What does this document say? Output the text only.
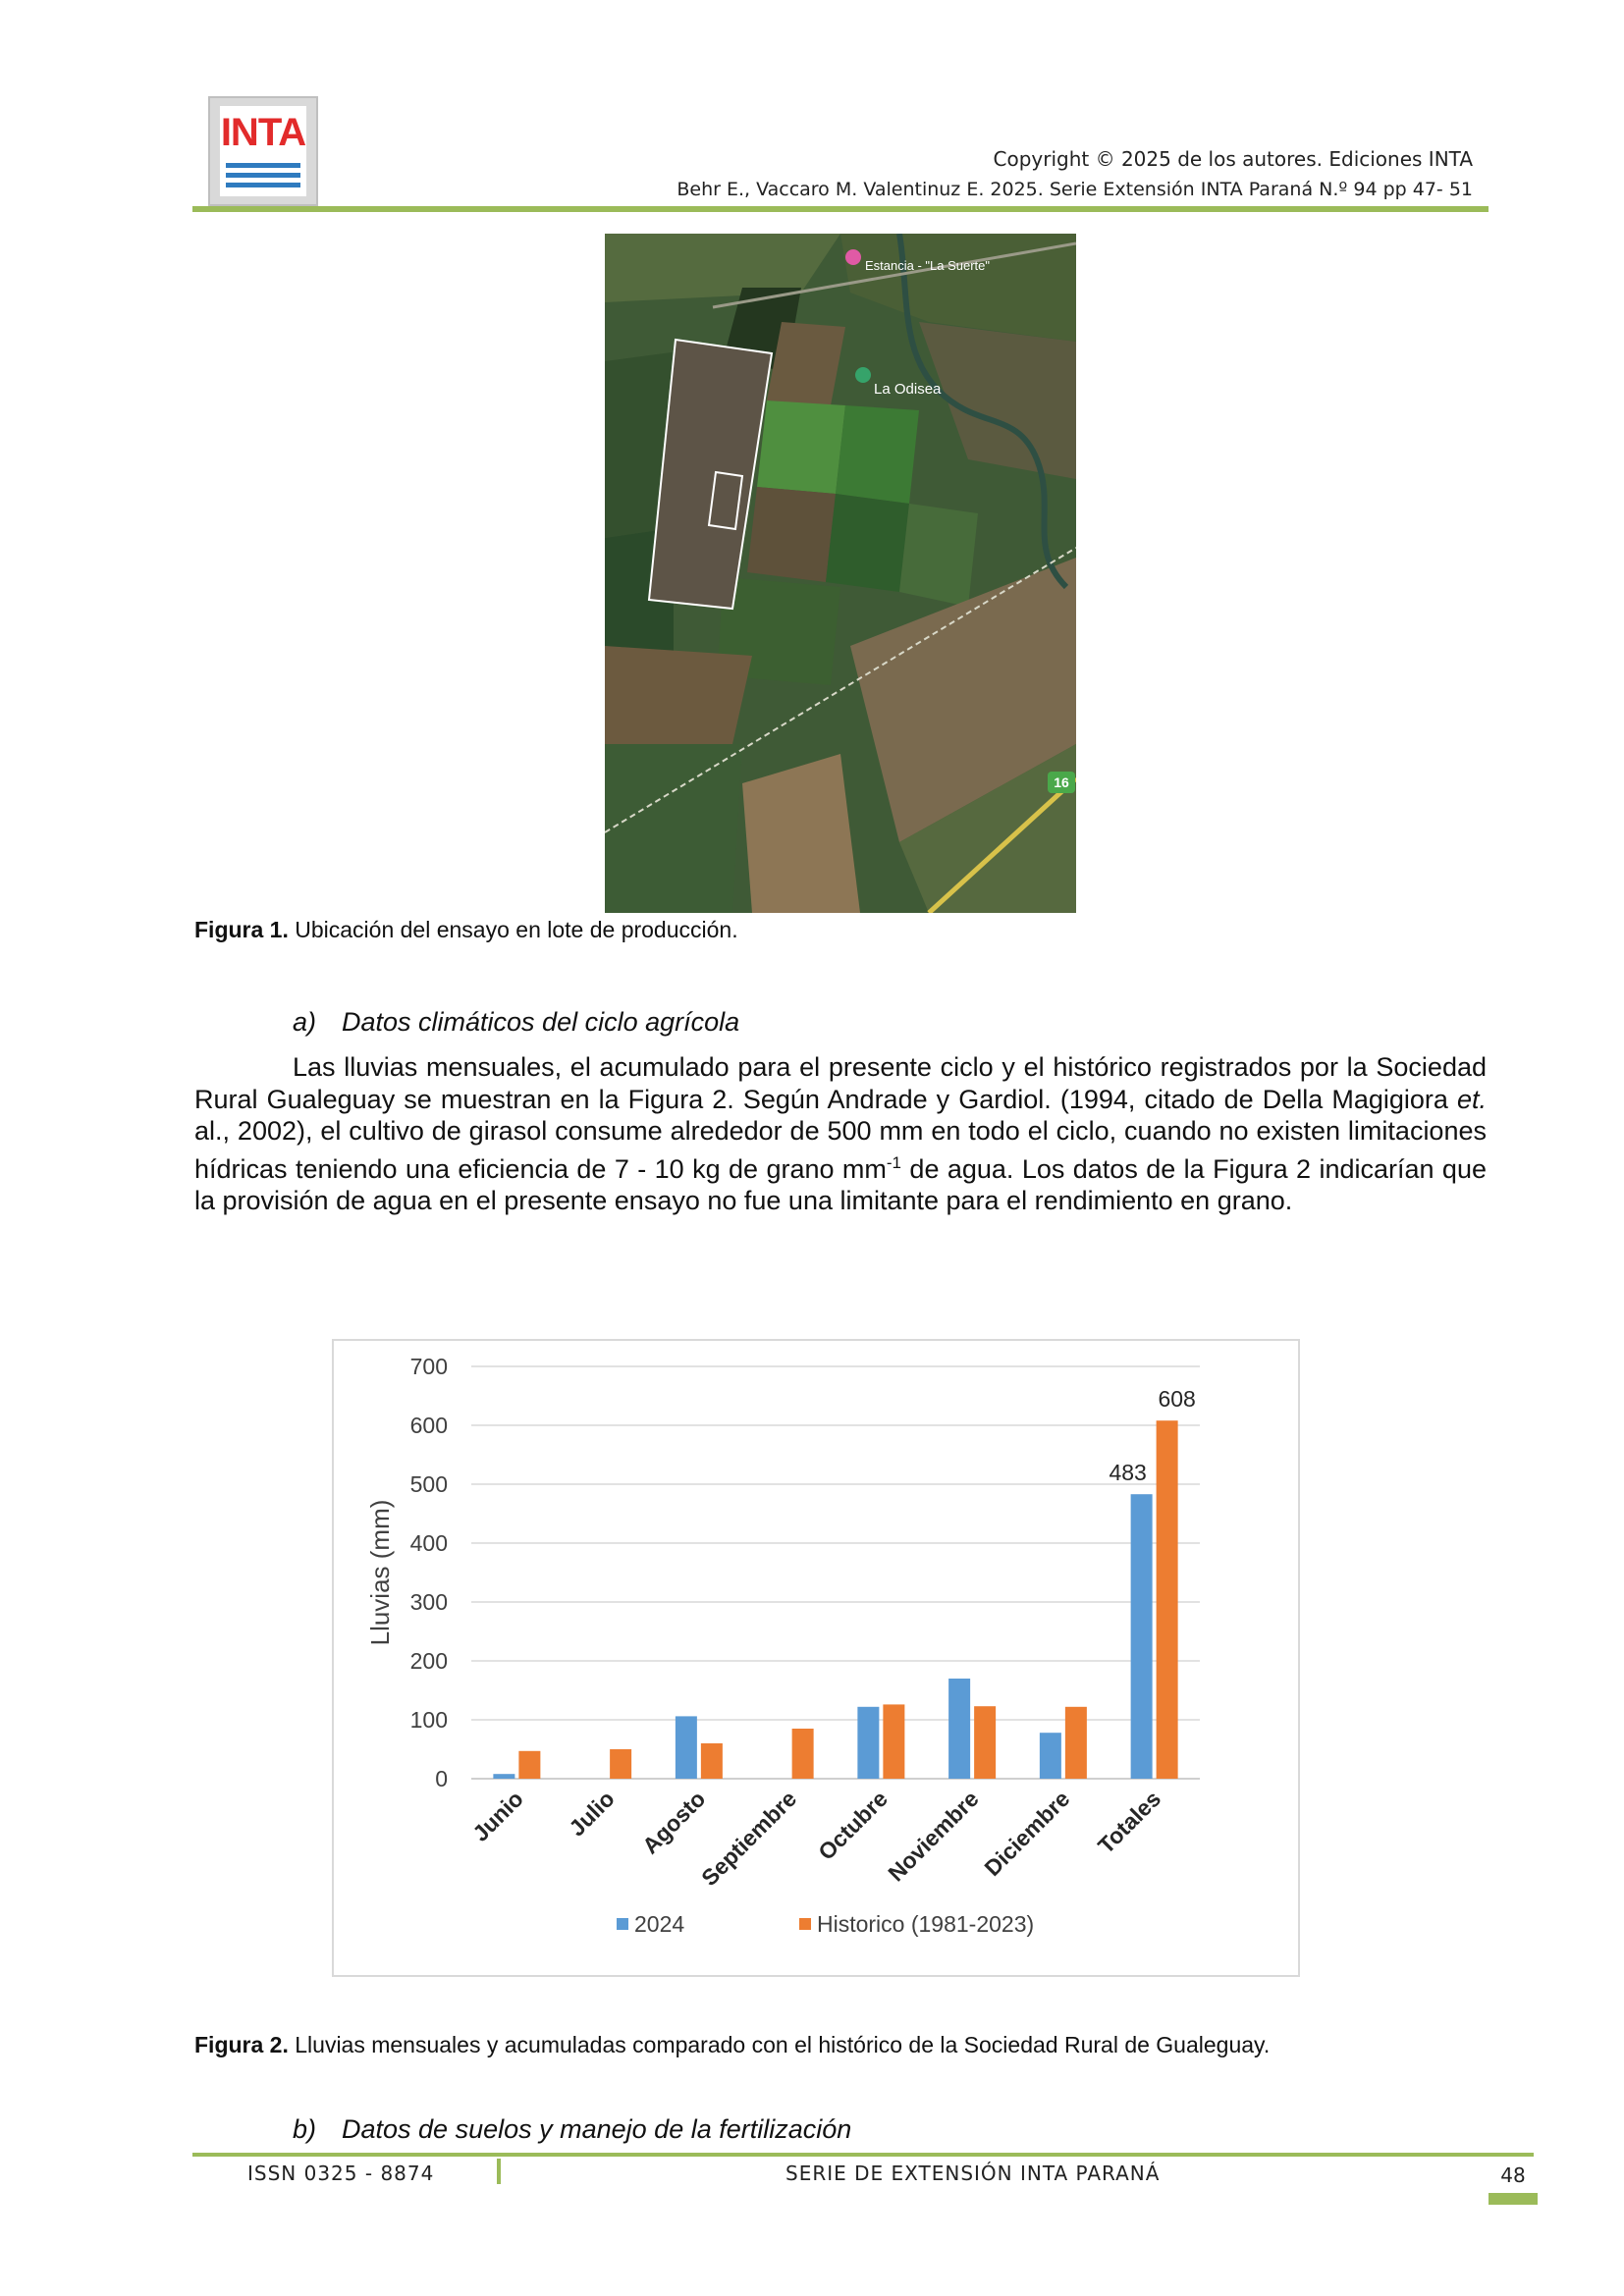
INTA
Copyright © 2025 de los autores. Ediciones INTA
Behr E., Vaccaro M. Valentinuz E. 2025. Serie Extensión INTA Paraná N.º 94 pp 47- 51
Estancia - "La Suerte"
La Odisea
16
Figura 1. Ubicación del ensayo en lote de producción.
a) Datos climáticos del ciclo agrícola

Las lluvias mensuales, el acumulado para el presente ciclo y el histórico registrados por la Sociedad Rural Gualeguay se muestran en la Figura 2. Según Andrade y Gardiol. (1994, citado de Della Magigiora et. al., 2002), el cultivo de girasol consume alrededor de 500 mm en todo el ciclo, cuando no existen limitaciones hídricas teniendo una eficiencia de 7 - 10 kg de grano $mm^{-1}$ de agua. Los datos de la Figura 2 indicarían que la provisión de agua en el presente ensayo no fue una limitante para el rendimiento en grano.

0
100
200
300
400
500
600
700
Lluvias (mm)
483
608
Junio Julio Agosto
Septiembre Octubre
Noviembre
Diciembre Totales
2024	Historico (1981-2023)
Figura 2. Lluvias mensuales y acumuladas comparado con el histórico de la Sociedad Rural de Gualeguay.
b) Datos de suelos y manejo de la fertilización
ISSN 0325 - 8874	SERIE DE EXTENSIÓN INTA PARANÁ	48
